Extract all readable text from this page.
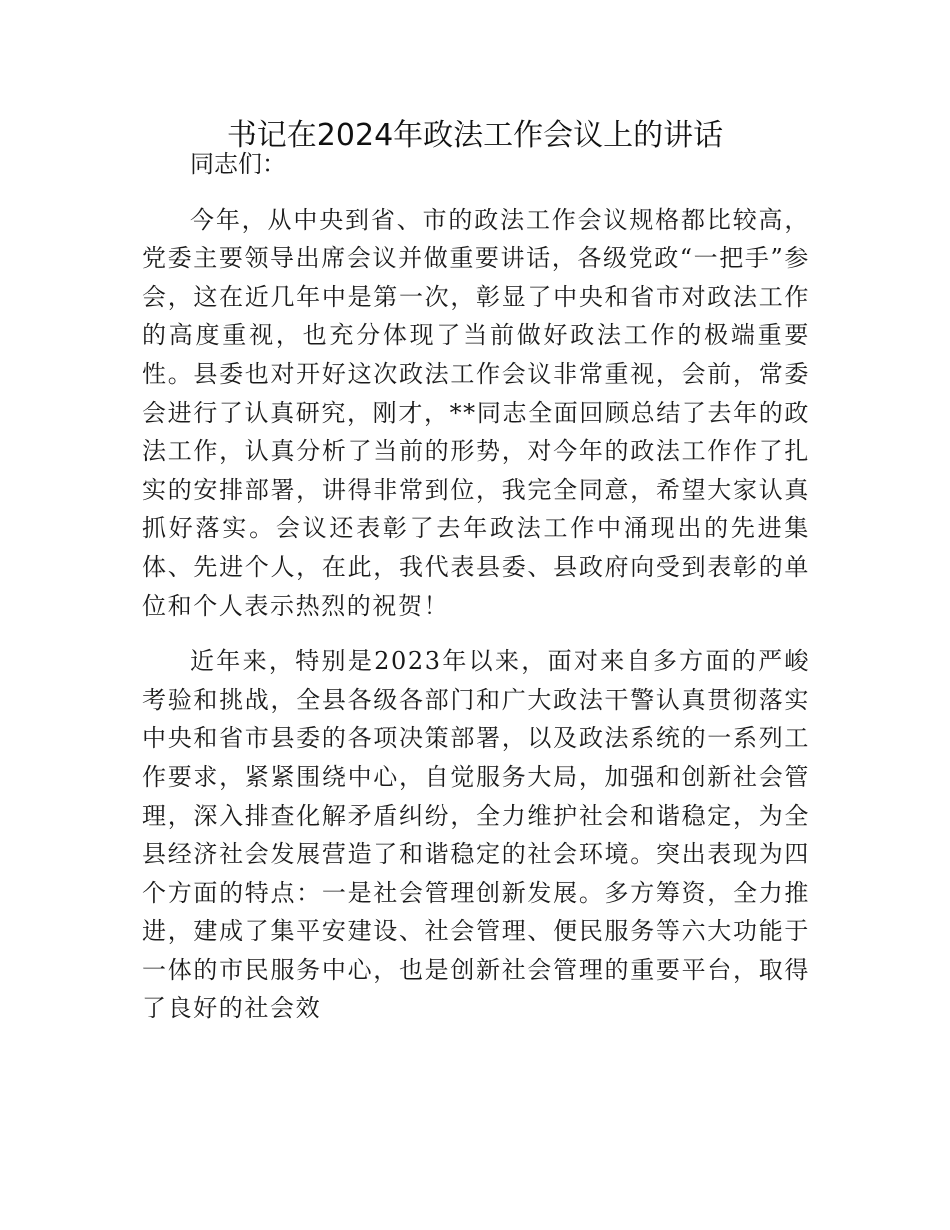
书记在2024年政法工作会议上的讲话

同志们：

今年，从中央到省、市的政法工作会议规格都比较高，党委主要领导出席会议并做重要讲话，各级党政“一把手”参会，这在近几年中是第一次，彰显了中央和省市对政法工作的高度重视，也充分体现了当前做好政法工作的极端重要性。县委也对开好这次政法工作会议非常重视，会前，常委会进行了认真研究，刚才，**同志全面回顾总结了去年的政法工作，认真分析了当前的形势，对今年的政法工作作了扎实的安排部署，讲得非常到位，我完全同意，希望大家认真抓好落实。会议还表彰了去年政法工作中涌现出的先进集体、先进个人，在此，我代表县委、县政府向受到表彰的单位和个人表示热烈的祝贺！

近年来，特别是2023年以来，面对来自多方面的严峻考验和挑战，全县各级各部门和广大政法干警认真贯彻落实中央和省市县委的各项决策部署，以及政法系统的一系列工作要求，紧紧围绕中心，自觉服务大局，加强和创新社会管理，深入排查化解矛盾纠纷，全力维护社会和谐稳定，为全县经济社会发展营造了和谐稳定的社会环境。突出表现为四个方面的特点：一是社会管理创新发展。多方筹资，全力推进，建成了集平安建设、社会管理、便民服务等六大功能于一体的市民服务中心，也是创新社会管理的重要平台，取得了良好的社会效
